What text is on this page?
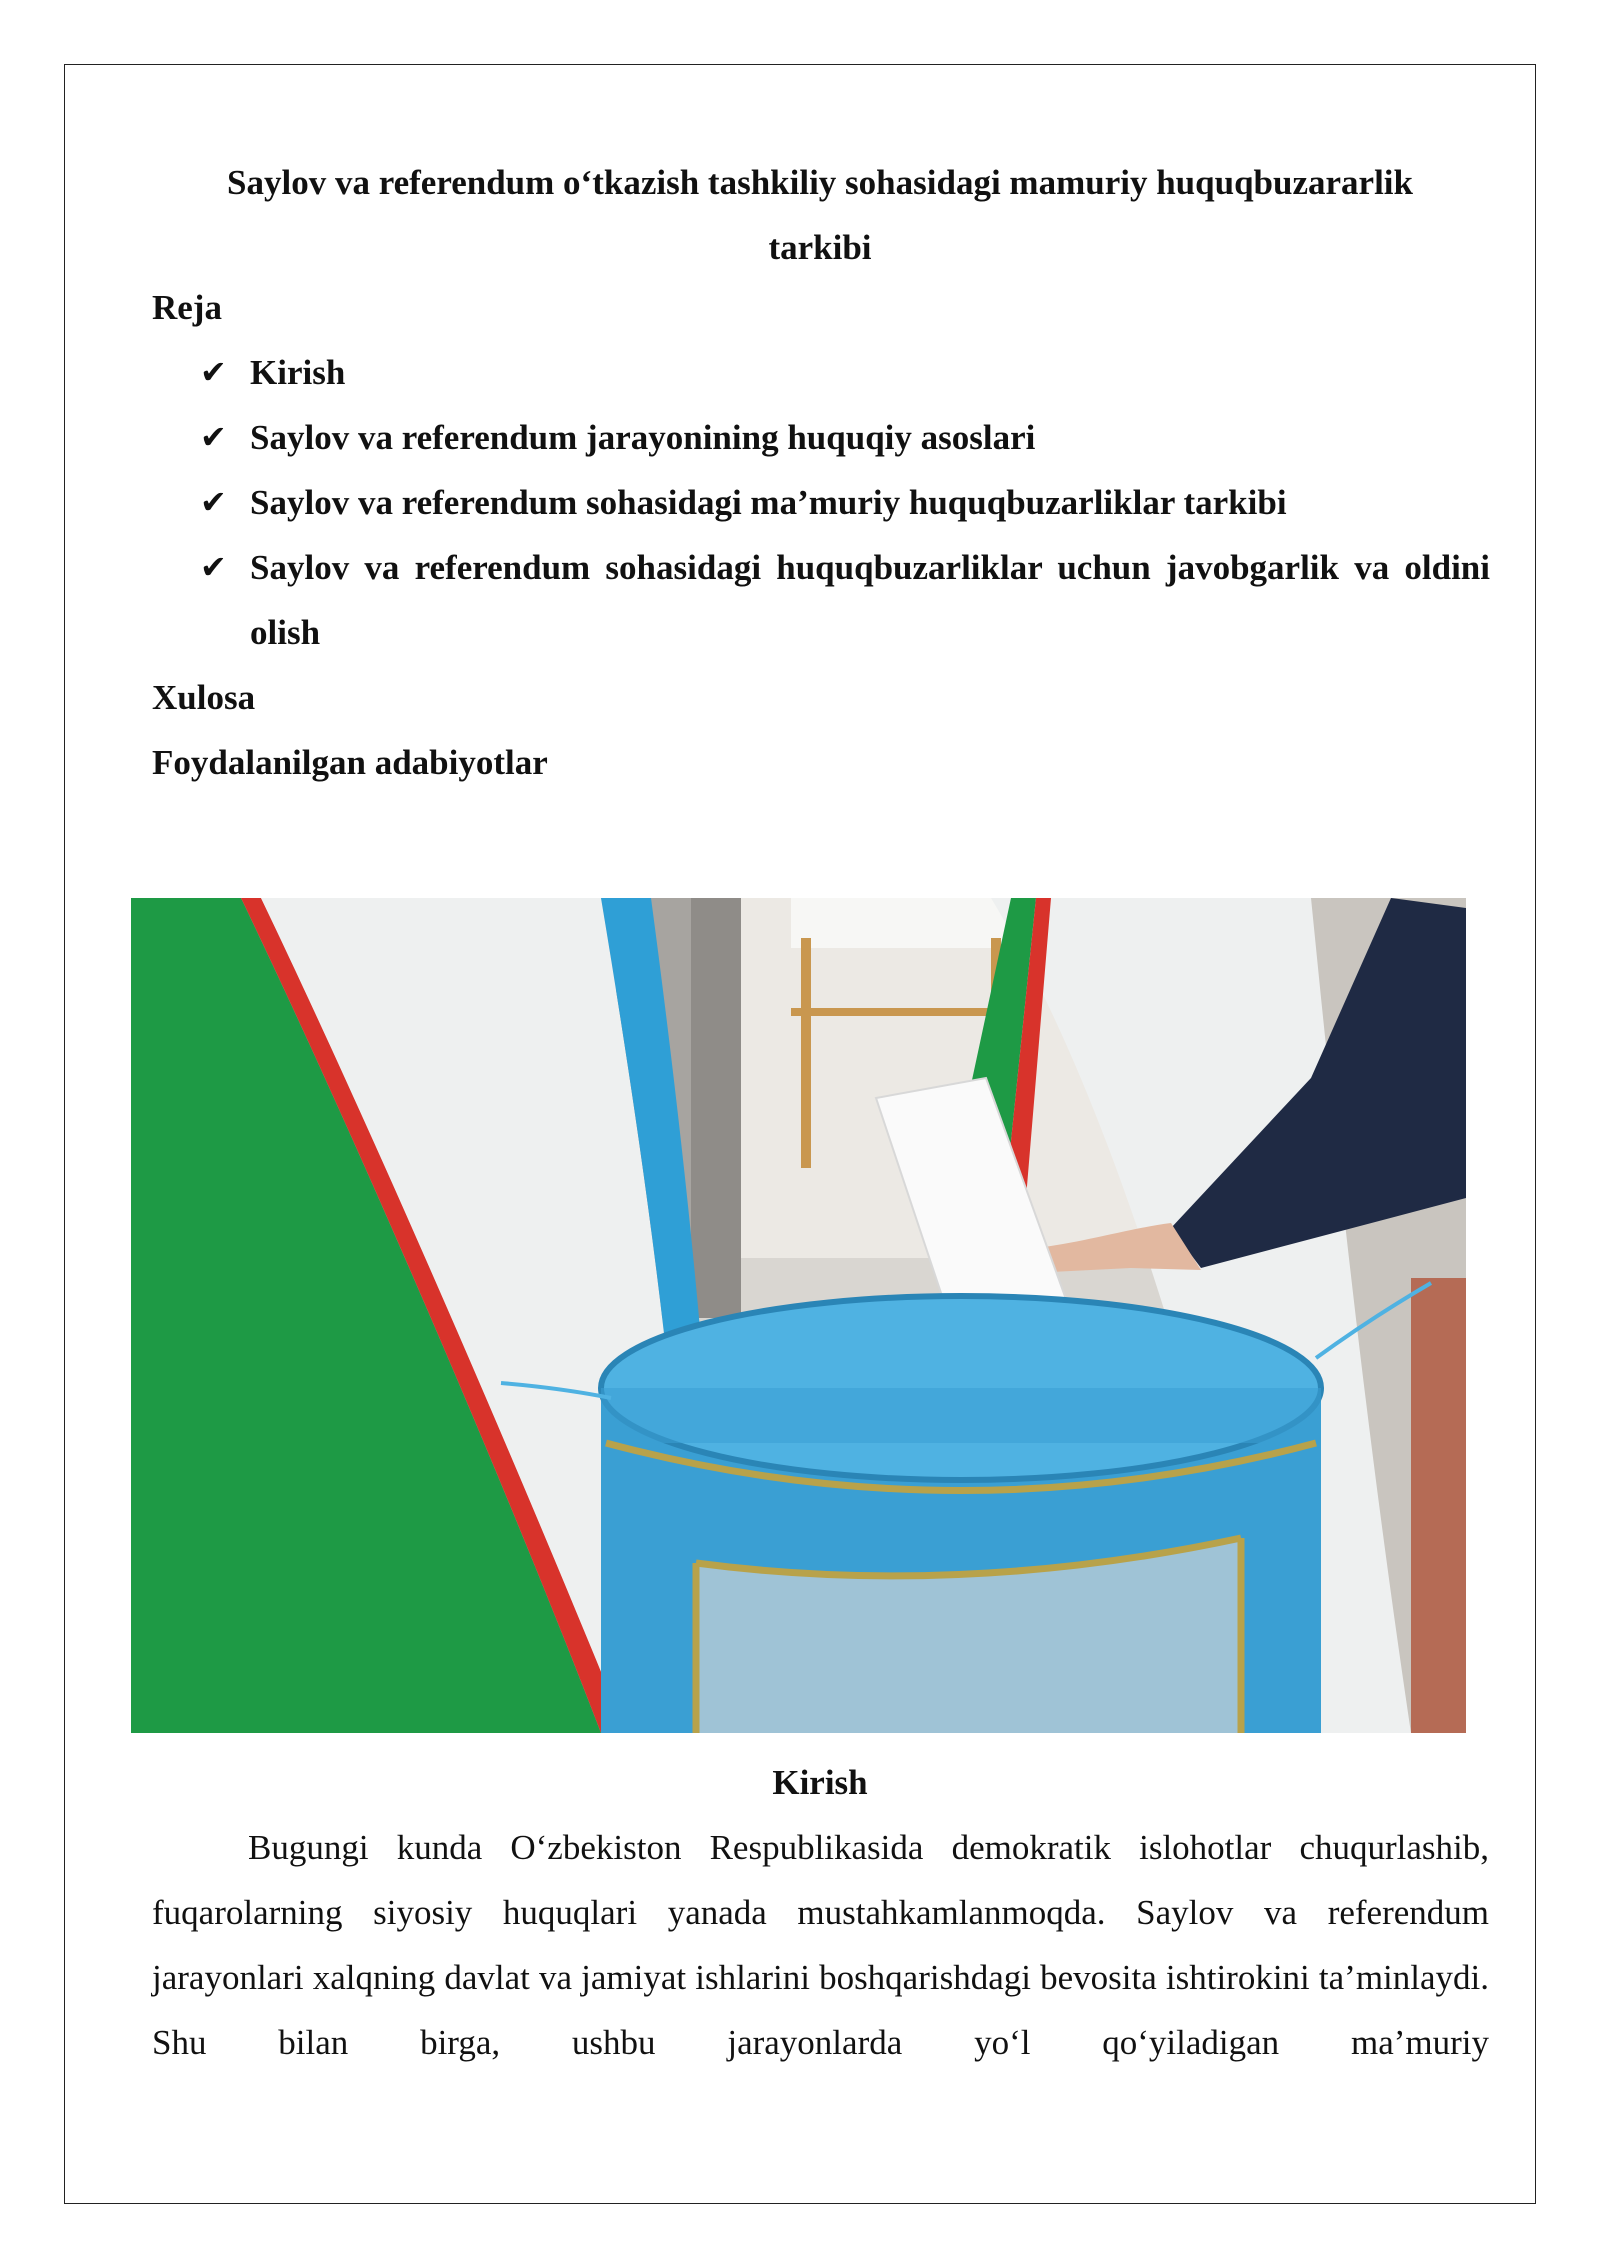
Saylov va referendum o‘tkazish tashkiliy sohasidagi mamuriy huquqbuzararlik
tarkibi
Reja
✔ Kirish
✔ Saylov va referendum jarayonining huquqiy asoslari
✔ Saylov va referendum sohasidagi ma’muriy huquqbuzarliklar tarkibi
✔ Saylov va referendum sohasidagi huquqbuzarliklar uchun javobgarlik va oldini olish
Xulosa
Foydalanilgan adabiyotlar
Kirish

Bugungi kunda O‘zbekiston Respublikasida demokratik islohotlar chuqurlashib, fuqarolarning siyosiy huquqlari yanada mustahkamlanmoqda. Saylov va referendum jarayonlari xalqning davlat va jamiyat ishlarini boshqarishdagi bevosita ishtirokini ta’minlaydi. Shu bilan birga, ushbu jarayonlarda yo‘l qo‘yiladigan ma’muriy
